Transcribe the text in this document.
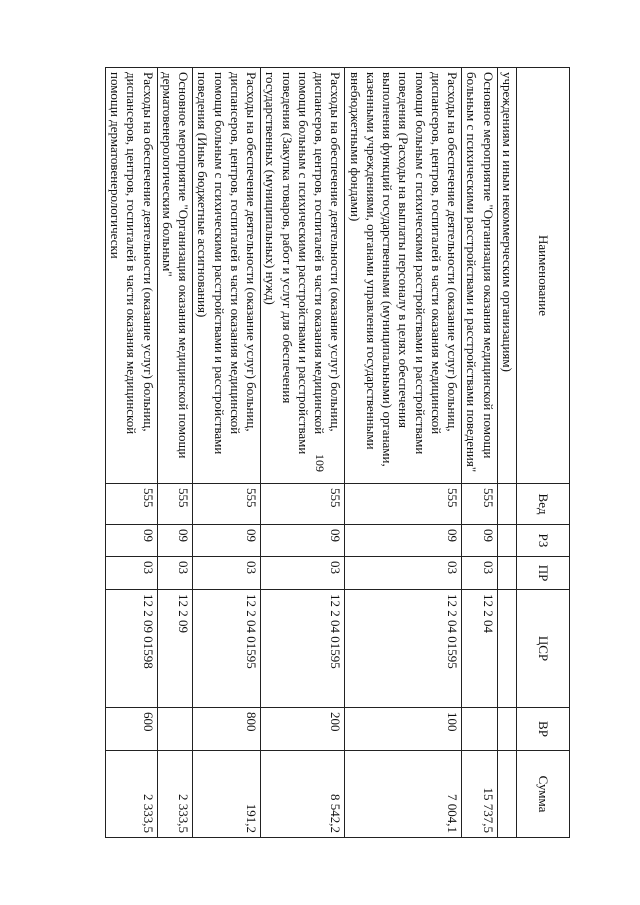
109
Наименование	Вед	РЗ	ПР	ЦСР	ВР	Сумма
учреждениям и иным некоммерческим организациям)						
Основное мероприятие "Организация оказания медицинской помощи больным с психическими расстройствами и расстройствами поведения"	555	09	03	12 2 04		15 737,5
Расходы на обеспечение деятельности (оказание услуг) больниц, диспансеров, центров, госпиталей в части оказания медицинской помощи больным с психическими расстройствами и расстройствами поведения (Расходы на выплаты персоналу в целях обеспечения выполнения функций государственными (муниципальными) органами, казенными учреждениями, органами управления государственными внебюджетными фондами)	555	09	03	12 2 04 01595	100	7 004,1
Расходы на обеспечение деятельности (оказание услуг) больниц, диспансеров, центров, госпиталей в части оказания медицинской помощи больным с психическими расстройствами и расстройствами поведения (Закупка товаров, работ и услуг для обеспечения государственных (муниципальных) нужд)	555	09	03	12 2 04 01595	200	8 542,2
Расходы на обеспечение деятельности (оказание услуг) больниц, диспансеров, центров, госпиталей в части оказания медицинской помощи больным с психическими расстройствами и расстройствами поведения (Иные бюджетные ассигнования)	555	09	03	12 2 04 01595	800	191,2
Основное мероприятие "Организация оказания медицинской помощи дерматовенерологическим больным"	555	09	03	12 2 09		2 333,5
Расходы на обеспечение деятельности (оказание услуг) больниц, диспансеров, центров, госпиталей в части оказания медицинской помощи дерматовенерологически	555	09	03	12 2 09 01598	600	2 333,5
